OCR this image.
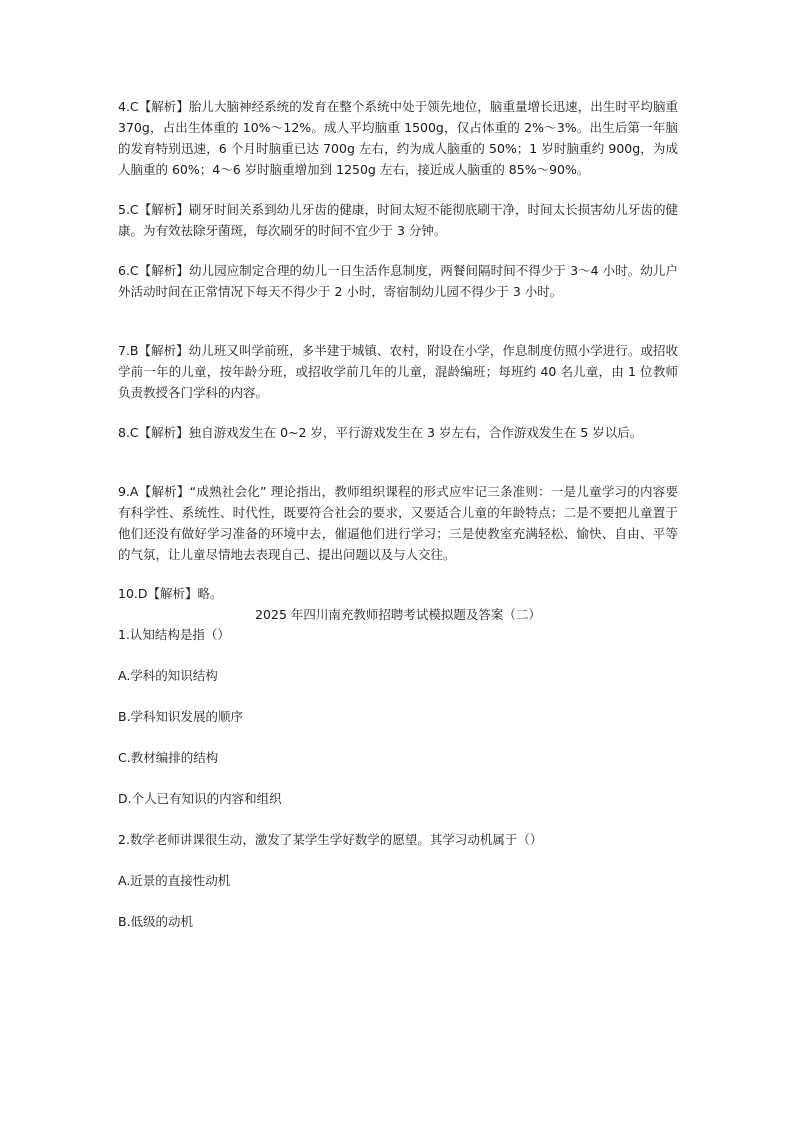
4.C【解析】胎儿大脑神经系统的发育在整个系统中处于领先地位，脑重量增长迅速，出生时平均脑重 370g，占出生体重的 10%～12%。成人平均脑重 1500g，仅占体重的 2%～3%。出生后第一年脑的发育特别迅速，6 个月时脑重已达 700g 左右，约为成人脑重的 50%；1 岁时脑重约 900g，为成人脑重的 60%；4～6 岁时脑重增加到 1250g 左右，接近成人脑重的 85%～90%。

5.C【解析】刷牙时间关系到幼儿牙齿的健康，时间太短不能彻底刷干净，时间太长损害幼儿牙齿的健康。为有效祛除牙菌斑，每次刷牙的时间不宜少于 3 分钟。

6.C【解析】幼儿园应制定合理的幼儿一日生活作息制度，两餐间隔时间不得少于 3～4 小时。幼儿户外活动时间在正常情况下每天不得少于 2 小时，寄宿制幼儿园不得少于 3 小时。

7.B【解析】幼儿班又叫学前班，多半建于城镇、农村，附设在小学，作息制度仿照小学进行。或招收学前一年的儿童，按年龄分班，或招收学前几年的儿童，混龄编班；每班约 40 名儿童，由 1 位教师负责教授各门学科的内容。

8.C【解析】独自游戏发生在 0~2 岁，平行游戏发生在 3 岁左右，合作游戏发生在 5 岁以后。

9.A【解析】“成熟社会化” 理论指出，教师组织课程的形式应牢记三条准则：一是儿童学习的内容要有科学性、系统性、时代性，既要符合社会的要求，又要适合儿童的年龄特点；二是不要把儿童置于他们还没有做好学习准备的环境中去，催逼他们进行学习；三是使教室充满轻松、愉快、自由、平等的气氛，让儿童尽情地去表现自己、提出问题以及与人交往。

10.D【解析】略。

2025 年四川南充教师招聘考试模拟题及答案（二）

1.认知结构是指（）

A.学科的知识结构

B.学科知识发展的顺序

C.教材编排的结构

D.个人已有知识的内容和组织

2.数学老师讲课很生动，激发了某学生学好数学的愿望。其学习动机属于（）

A.近景的直接性动机

B.低级的动机
